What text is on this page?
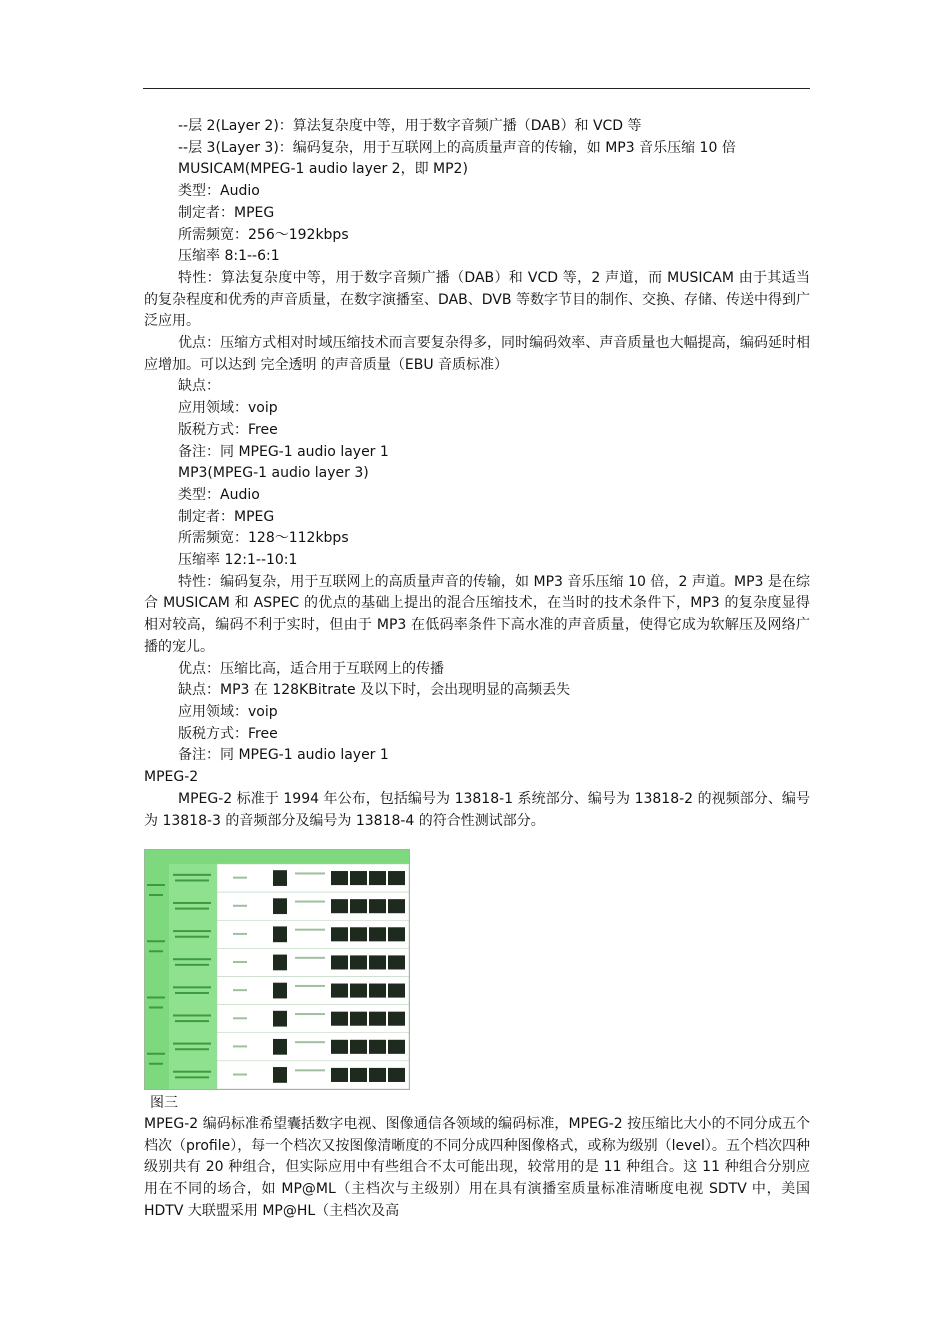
--层 2(Layer 2)：算法复杂度中等，用于数字音频广播（DAB）和 VCD 等

--层 3(Layer 3)：编码复杂，用于互联网上的高质量声音的传输，如 MP3 音乐压缩 10 倍

MUSICAM(MPEG-1 audio layer 2，即 MP2)

类型：Audio

制定者：MPEG

所需频宽：256～192kbps

压缩率 8:1--6:1

特性：算法复杂度中等，用于数字音频广播（DAB）和 VCD 等，2 声道，而 MUSICAM 由于其适当的复杂程度和优秀的声音质量，在数字演播室、DAB、DVB 等数字节目的制作、交换、存储、传送中得到广泛应用。

优点：压缩方式相对时域压缩技术而言要复杂得多，同时编码效率、声音质量也大幅提高，编码延时相应增加。可以达到 完全透明 的声音质量（EBU 音质标准）

缺点：

应用领域：voip

版税方式：Free

备注：同 MPEG-1 audio layer 1

MP3(MPEG-1 audio layer 3)

类型：Audio

制定者：MPEG

所需频宽：128～112kbps

压缩率 12:1--10:1

特性：编码复杂，用于互联网上的高质量声音的传输，如 MP3 音乐压缩 10 倍，2 声道。MP3 是在综合 MUSICAM 和 ASPEC 的优点的基础上提出的混合压缩技术，在当时的技术条件下，MP3 的复杂度显得相对较高，编码不利于实时，但由于 MP3 在低码率条件下高水准的声音质量，使得它成为软解压及网络广播的宠儿。

优点：压缩比高，适合用于互联网上的传播

缺点：MP3 在 128KBitrate 及以下时，会出现明显的高频丢失

应用领域：voip

版税方式：Free

备注：同 MPEG-1 audio layer 1

MPEG-2

MPEG-2 标准于 1994 年公布，包括编号为 13818-1 系统部分、编号为 13818-2 的视频部分、编号为 13818-3 的音频部分及编号为 13818-4 的符合性测试部分。

图三

MPEG-2 编码标准希望囊括数字电视、图像通信各领域的编码标准，MPEG-2 按压缩比大小的不同分成五个档次（profile），每一个档次又按图像清晰度的不同分成四种图像格式，或称为级别（level）。五个档次四种级别共有 20 种组合，但实际应用中有些组合不太可能出现，较常用的是 11 种组合。这 11 种组合分别应用在不同的场合，如 MP@ML（主档次与主级别）用在具有演播室质量标准清晰度电视 SDTV 中，美国 HDTV 大联盟采用 MP@HL（主档次及高
